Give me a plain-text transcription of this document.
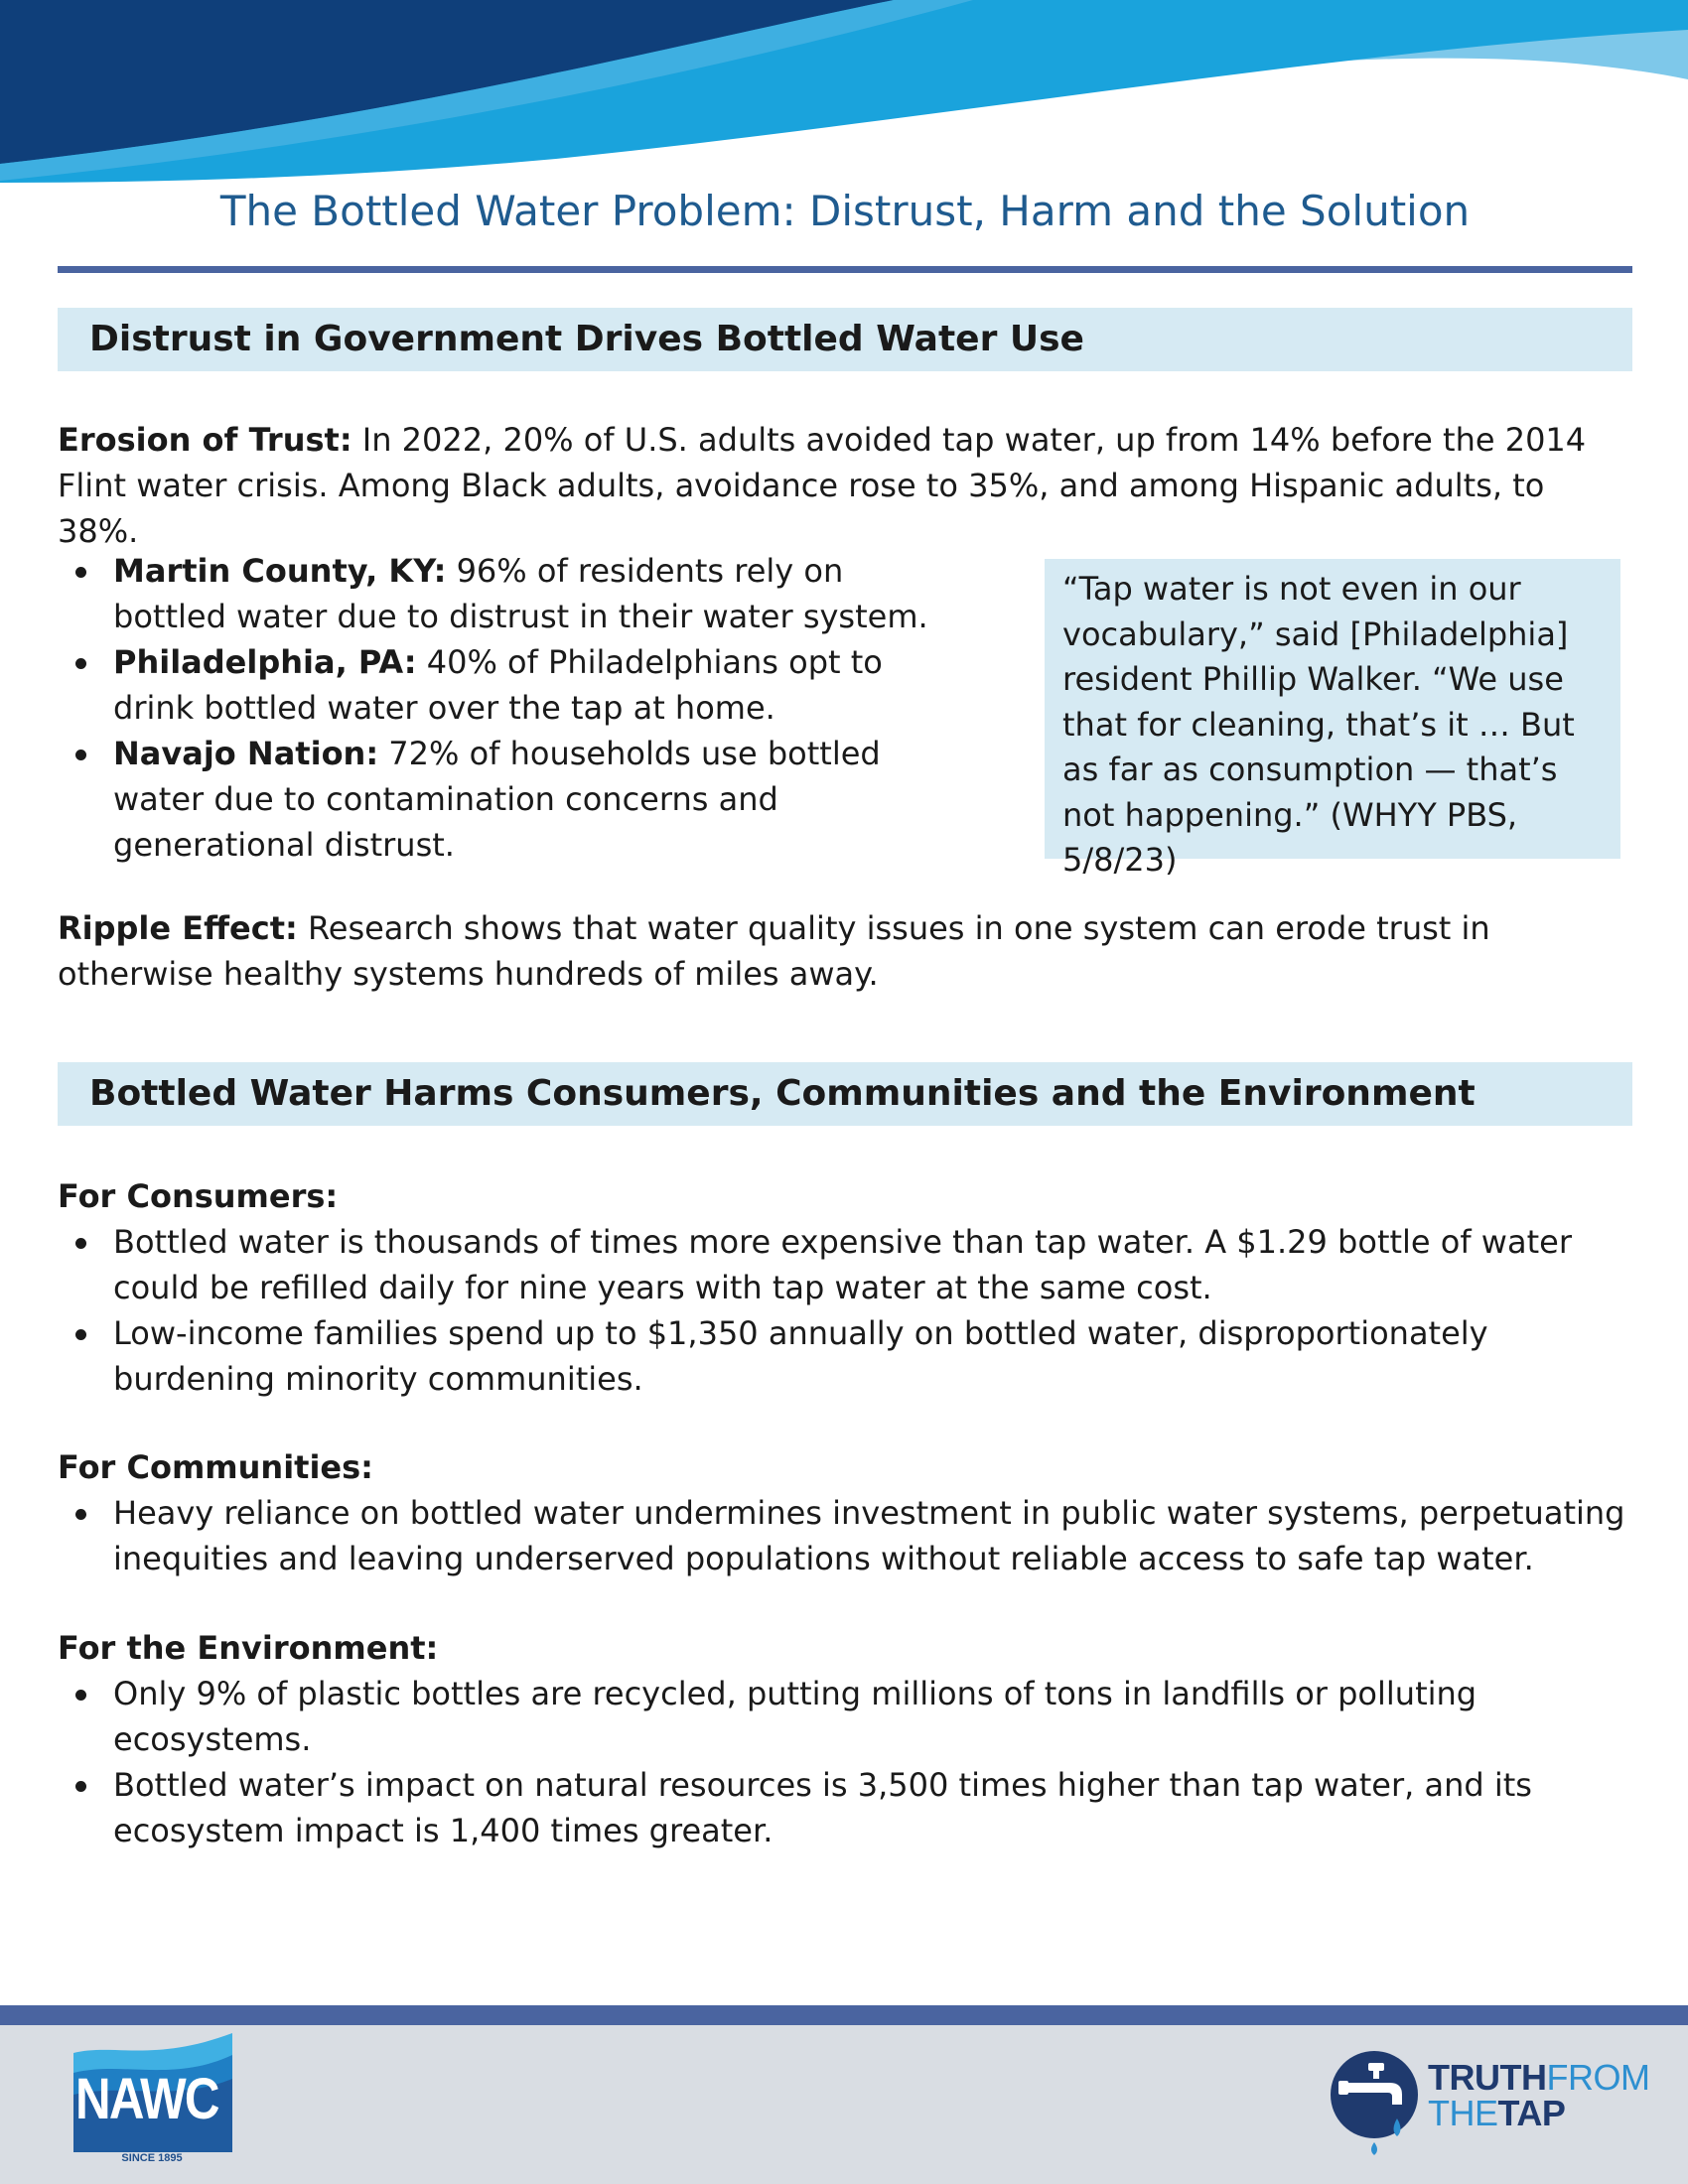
The Bottled Water Problem: Distrust, Harm and the Solution
Distrust in Government Drives Bottled Water Use

Erosion of Trust: In 2022, 20% of U.S. adults avoided tap water, up from 14% before the 2014 Flint water crisis. Among Black adults, avoidance rose to 35%, and among Hispanic adults, to 38%.

Martin County, KY: 96% of residents rely on bottled water due to distrust in their water system.
Philadelphia, PA: 40% of Philadelphians opt to drink bottled water over the tap at home.
Navajo Nation: 72% of households use bottled water due to contamination concerns and generational distrust.
“Tap water is not even in our vocabulary,” said [Philadelphia] resident Phillip Walker. “We use that for cleaning, that’s it … But as far as consumption — that’s not happening.” (WHYY PBS, 5/8/23)

Ripple Effect: Research shows that water quality issues in one system can erode trust in otherwise healthy systems hundreds of miles away.

Bottled Water Harms Consumers, Communities and the Environment

For Consumers:

Bottled water is thousands of times more expensive than tap water. A $1.29 bottle of water could be refilled daily for nine years with tap water at the same cost.
Low-income families spend up to $1,350 annually on bottled water, disproportionately burdening minority communities.

For Communities:

Heavy reliance on bottled water undermines investment in public water systems, perpetuating inequities and leaving underserved populations without reliable access to safe tap water.

For the Environment:

Only 9% of plastic bottles are recycled, putting millions of tons in landfills or polluting ecosystems.
Bottled water’s impact on natural resources is 3,500 times higher than tap water, and its ecosystem impact is 1,400 times greater.
NAWC
SINCE 1895
TRUTHFROM
THETAP
